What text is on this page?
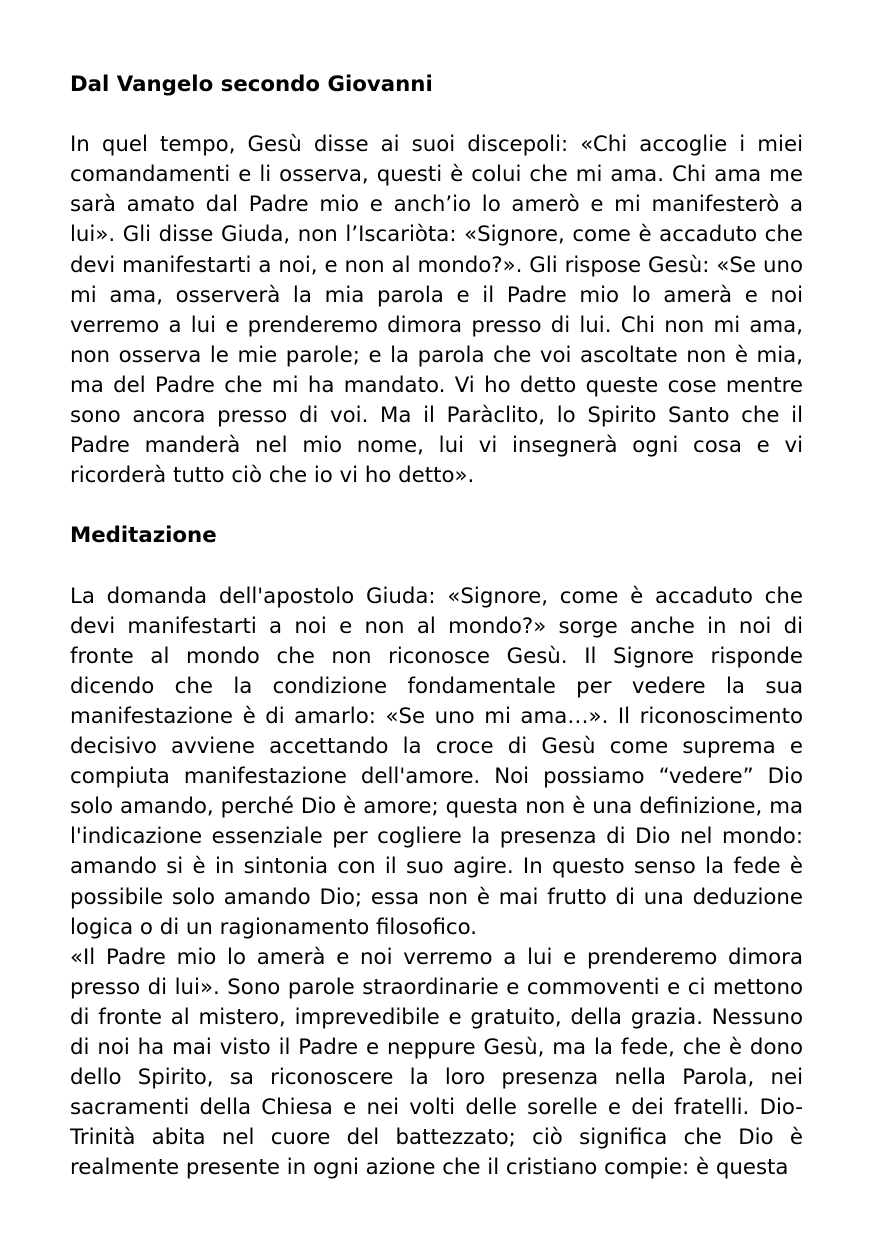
Dal Vangelo secondo Giovanni

In quel tempo, Gesù disse ai suoi discepoli: «Chi accoglie i miei comandamenti e li osserva, questi è colui che mi ama. Chi ama me sarà amato dal Padre mio e anch’io lo amerò e mi manifesterò a lui». Gli disse Giuda, non l’Iscariòta: «Signore, come è accaduto che devi manifestarti a noi, e non al mondo?». Gli rispose Gesù: «Se uno mi ama, osserverà la mia parola e il Padre mio lo amerà e noi verremo a lui e prenderemo dimora presso di lui. Chi non mi ama, non osserva le mie parole; e la parola che voi ascoltate non è mia, ma del Padre che mi ha mandato. Vi ho detto queste cose mentre sono ancora presso di voi. Ma il Paràclito, lo Spirito Santo che il Padre manderà nel mio nome, lui vi insegnerà ogni cosa e vi ricorderà tutto ciò che io vi ho detto».

Meditazione

La domanda dell'apostolo Giuda: «Signore, come è accaduto che devi manifestarti a noi e non al mondo?» sorge anche in noi di fronte al mondo che non riconosce Gesù. Il Signore risponde dicendo che la condizione fondamentale per vedere la sua manifestazione è di amarlo: «Se uno mi ama…». Il riconoscimento decisivo avviene accettando la croce di Gesù come suprema e compiuta manifestazione dell'amore. Noi possiamo “vedere” Dio solo amando, perché Dio è amore; questa non è una definizione, ma l'indicazione essenziale per cogliere la presenza di Dio nel mondo: amando si è in sintonia con il suo agire. In questo senso la fede è possibile solo amando Dio; essa non è mai frutto di una deduzione logica o di un ragionamento filosofico.

«Il Padre mio lo amerà e noi verremo a lui e prenderemo dimora presso di lui». Sono parole straordinarie e commoventi e ci mettono di fronte al mistero, imprevedibile e gratuito, della grazia. Nessuno di noi ha mai visto il Padre e neppure Gesù, ma la fede, che è dono dello Spirito, sa riconoscere la loro presenza nella Parola, nei sacramenti della Chiesa e nei volti delle sorelle e dei fratelli. Dio-Trinità abita nel cuore del battezzato; ciò significa che Dio è realmente presente in ogni azione che il cristiano compie: è questa
